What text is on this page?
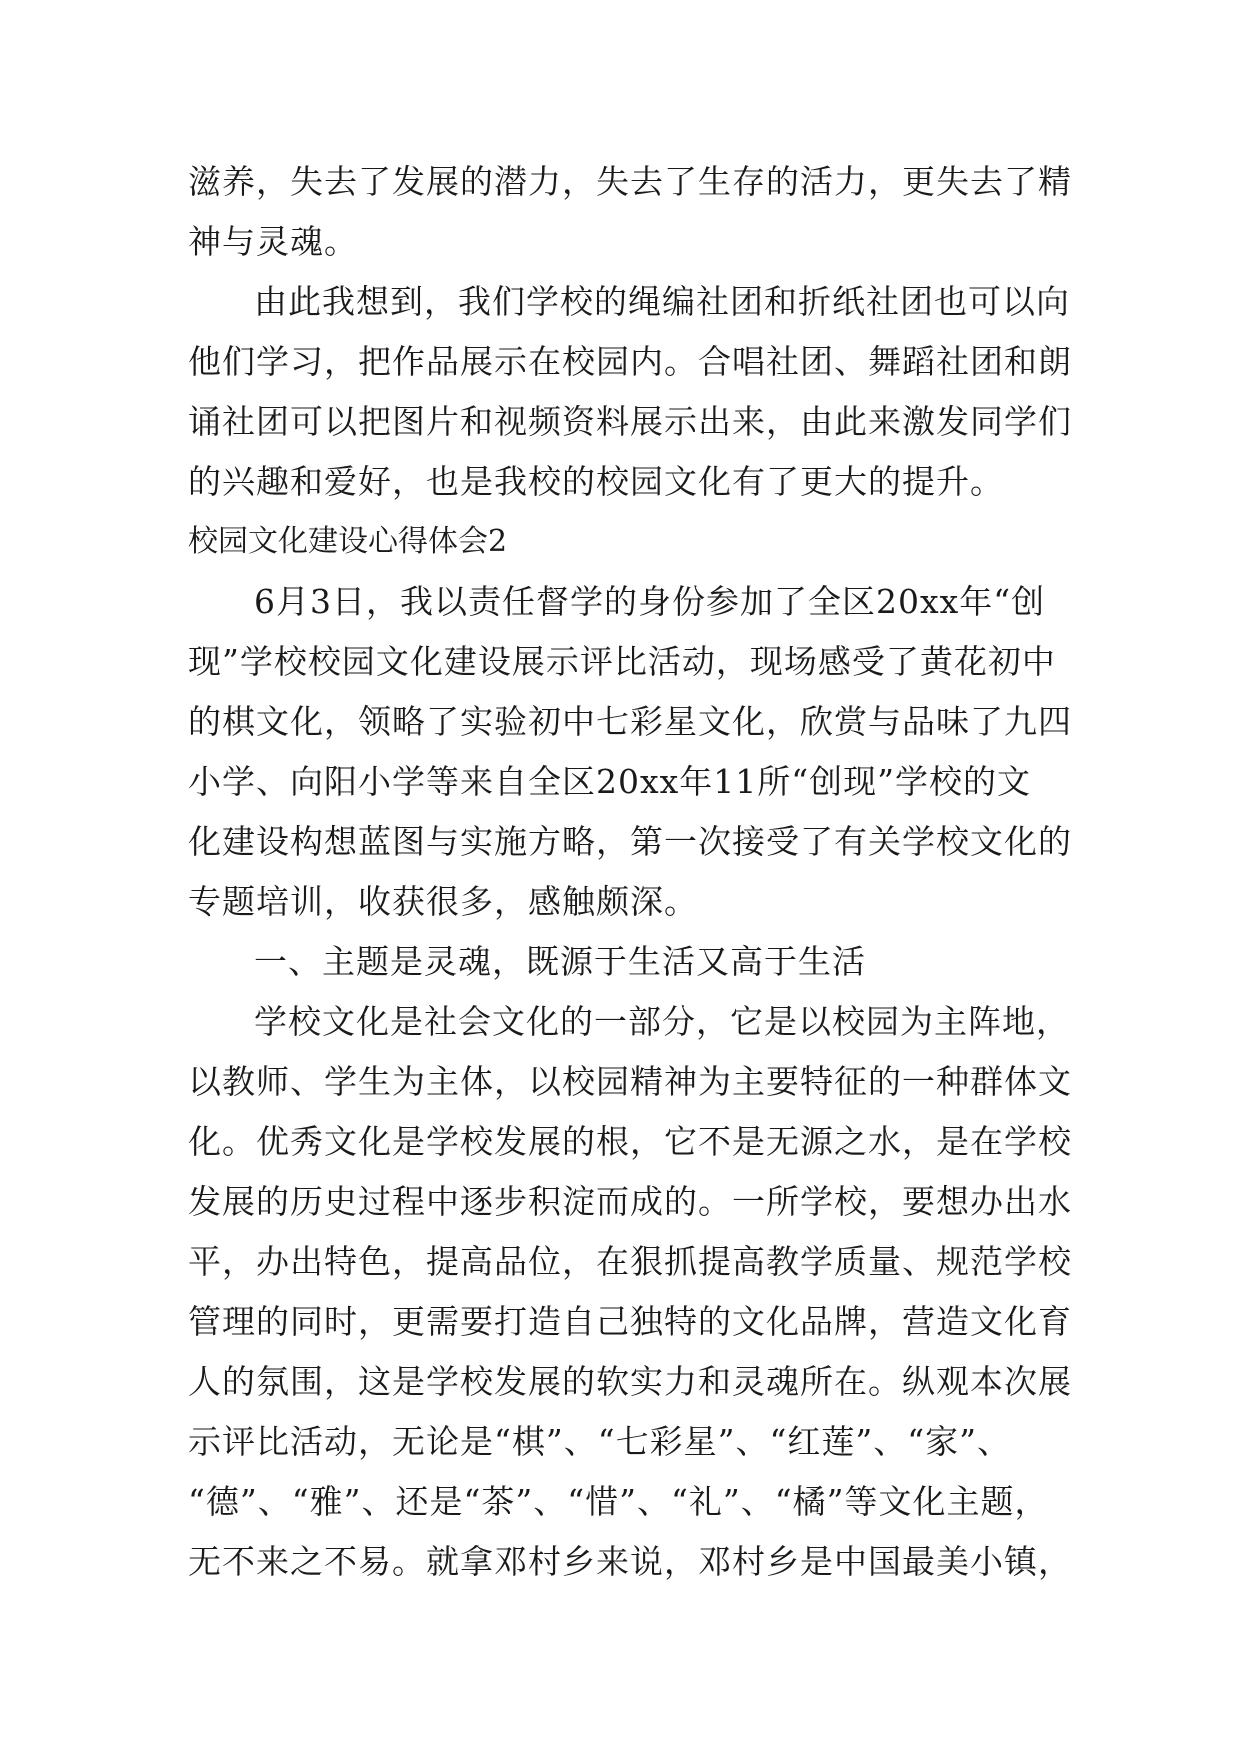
滋养，失去了发展的潜力，失去了生存的活力，更失去了精
神与灵魂。
由此我想到，我们学校的绳编社团和折纸社团也可以向
他们学习，把作品展示在校园内。合唱社团、舞蹈社团和朗
诵社团可以把图片和视频资料展示出来，由此来激发同学们
的兴趣和爱好，也是我校的校园文化有了更大的提升。
校园文化建设心得体会2
6月3日，我以责任督学的身份参加了全区20xx年“创
现”学校校园文化建设展示评比活动，现场感受了黄花初中
的棋文化，领略了实验初中七彩星文化，欣赏与品味了九四
小学、向阳小学等来自全区20xx年11所“创现”学校的文
化建设构想蓝图与实施方略，第一次接受了有关学校文化的
专题培训，收获很多，感触颇深。
一、主题是灵魂，既源于生活又高于生活
学校文化是社会文化的一部分，它是以校园为主阵地，
以教师、学生为主体，以校园精神为主要特征的一种群体文
化。优秀文化是学校发展的根，它不是无源之水，是在学校
发展的历史过程中逐步积淀而成的。一所学校，要想办出水
平，办出特色，提高品位，在狠抓提高教学质量、规范学校
管理的同时，更需要打造自己独特的文化品牌，营造文化育
人的氛围，这是学校发展的软实力和灵魂所在。纵观本次展
示评比活动，无论是“棋”、“七彩星”、“红莲”、“家”、
“德”、“雅”、还是“茶”、“惜”、“礼”、“橘”等文化主题，
无不来之不易。就拿邓村乡来说，邓村乡是中国最美小镇，
